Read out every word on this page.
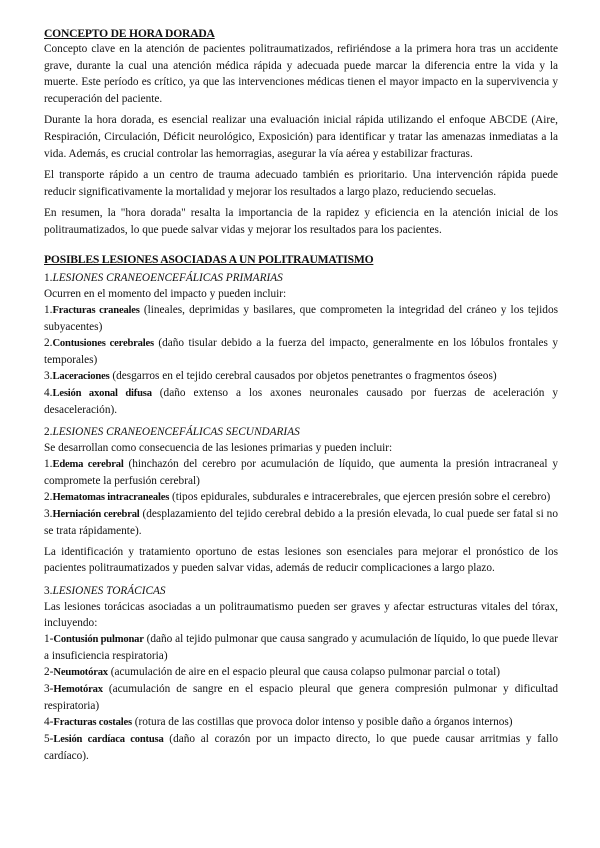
CONCEPTO DE HORA DORADA

Concepto clave en la atención de pacientes politraumatizados, refiriéndose a la primera hora tras un accidente grave, durante la cual una atención médica rápida y adecuada puede marcar la diferencia entre la vida y la muerte. Este período es crítico, ya que las intervenciones médicas tienen el mayor impacto en la supervivencia y recuperación del paciente.

Durante la hora dorada, es esencial realizar una evaluación inicial rápida utilizando el enfoque ABCDE (Aire, Respiración, Circulación, Déficit neurológico, Exposición) para identificar y tratar las amenazas inmediatas a la vida. Además, es crucial controlar las hemorragias, asegurar la vía aérea y estabilizar fracturas.

El transporte rápido a un centro de trauma adecuado también es prioritario. Una intervención rápida puede reducir significativamente la mortalidad y mejorar los resultados a largo plazo, reduciendo secuelas.

En resumen, la "hora dorada" resalta la importancia de la rapidez y eficiencia en la atención inicial de los politraumatizados, lo que puede salvar vidas y mejorar los resultados para los pacientes.

POSIBLES LESIONES ASOCIADAS A UN POLITRAUMATISMO
1.LESIONES CRANEOENCEFÁLICAS PRIMARIAS

Ocurren en el momento del impacto y pueden incluir:

1.Fracturas craneales (lineales, deprimidas y basilares, que comprometen la integridad del cráneo y los tejidos subyacentes)

2.Contusiones cerebrales (daño tisular debido a la fuerza del impacto, generalmente en los lóbulos frontales y temporales)

3.Laceraciones (desgarros en el tejido cerebral causados por objetos penetrantes o fragmentos óseos)

4.Lesión axonal difusa (daño extenso a los axones neuronales causado por fuerzas de aceleración y desaceleración).

2.LESIONES CRANEOENCEFÁLICAS SECUNDARIAS

Se desarrollan como consecuencia de las lesiones primarias y pueden incluir:

1.Edema cerebral (hinchazón del cerebro por acumulación de líquido, que aumenta la presión intracraneal y compromete la perfusión cerebral)

2.Hematomas intracraneales (tipos epidurales, subdurales e intracerebrales, que ejercen presión sobre el cerebro)

3.Herniación cerebral (desplazamiento del tejido cerebral debido a la presión elevada, lo cual puede ser fatal si no se trata rápidamente).

La identificación y tratamiento oportuno de estas lesiones son esenciales para mejorar el pronóstico de los pacientes politraumatizados y pueden salvar vidas, además de reducir complicaciones a largo plazo.

3.LESIONES TORÁCICAS

Las lesiones torácicas asociadas a un politraumatismo pueden ser graves y afectar estructuras vitales del tórax, incluyendo:

1-Contusión pulmonar (daño al tejido pulmonar que causa sangrado y acumulación de líquido, lo que puede llevar a insuficiencia respiratoria)

2-Neumotórax (acumulación de aire en el espacio pleural que causa colapso pulmonar parcial o total)

3-Hemotórax (acumulación de sangre en el espacio pleural que genera compresión pulmonar y dificultad respiratoria)

4-Fracturas costales (rotura de las costillas que provoca dolor intenso y posible daño a órganos internos)

5-Lesión cardíaca contusa (daño al corazón por un impacto directo, lo que puede causar arritmias y fallo cardíaco).
